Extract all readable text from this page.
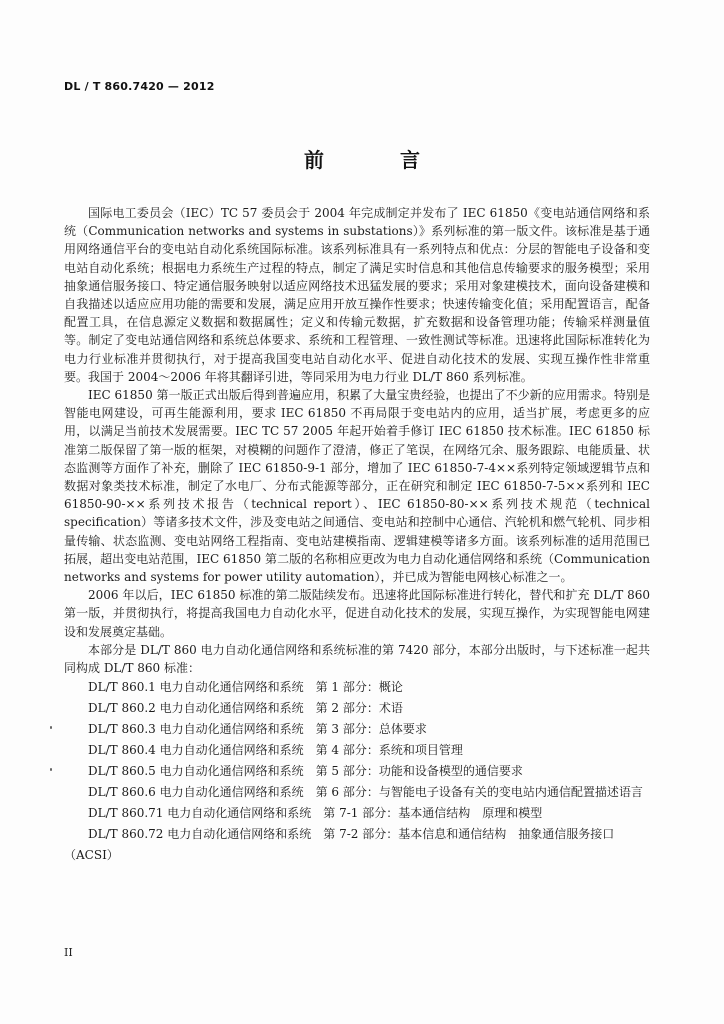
DL / T 860.7420 — 2012
前　言

国际电工委员会（IEC）TC 57 委员会于 2004 年完成制定并发布了 IEC 61850《变电站通信网络和系统（Communication networks and systems in substations）》系列标准的第一版文件。该标准是基于通用网络通信平台的变电站自动化系统国际标准。该系列标准具有一系列特点和优点：分层的智能电子设备和变电站自动化系统；根据电力系统生产过程的特点，制定了满足实时信息和其他信息传输要求的服务模型；采用抽象通信服务接口、特定通信服务映射以适应网络技术迅猛发展的要求；采用对象建模技术，面向设备建模和自我描述以适应应用功能的需要和发展，满足应用开放互操作性要求；快速传输变化值；采用配置语言，配备配置工具，在信息源定义数据和数据属性；定义和传输元数据，扩充数据和设备管理功能；传输采样测量值等。制定了变电站通信网络和系统总体要求、系统和工程管理、一致性测试等标准。迅速将此国际标准转化为电力行业标准并贯彻执行，对于提高我国变电站自动化水平、促进自动化技术的发展、实现互操作性非常重要。我国于 2004～2006 年将其翻译引进，等同采用为电力行业 DL/T 860 系列标准。

IEC 61850 第一版正式出版后得到普遍应用，积累了大量宝贵经验，也提出了不少新的应用需求。特别是智能电网建设，可再生能源利用，要求 IEC 61850 不再局限于变电站内的应用，适当扩展，考虑更多的应用，以满足当前技术发展需要。IEC TC 57 2005 年起开始着手修订 IEC 61850 技术标准。IEC 61850 标准第二版保留了第一版的框架，对模糊的问题作了澄清，修正了笔误，在网络冗余、服务跟踪、电能质量、状态监测等方面作了补充，删除了 IEC 61850-9-1 部分，增加了 IEC 61850-7-4××系列特定领域逻辑节点和数据对象类技术标准，制定了水电厂、分布式能源等部分，正在研究和制定 IEC 61850-7-5××系列和 IEC 61850-90-××系列技术报告（technical report）、IEC 61850-80-××系列技术规范（technical specification）等诸多技术文件，涉及变电站之间通信、变电站和控制中心通信、汽轮机和燃气轮机、同步相量传输、状态监测、变电站网络工程指南、变电站建模指南、逻辑建模等诸多方面。该系列标准的适用范围已拓展，超出变电站范围，IEC 61850 第二版的名称相应更改为电力自动化通信网络和系统（Communication networks and systems for power utility automation），并已成为智能电网核心标准之一。

2006 年以后，IEC 61850 标准的第二版陆续发布。迅速将此国际标准进行转化，替代和扩充 DL/T 860 第一版，并贯彻执行，将提高我国电力自动化水平，促进自动化技术的发展，实现互操作，为实现智能电网建设和发展奠定基础。

本部分是 DL/T 860 电力自动化通信网络和系统标准的第 7420 部分，本部分出版时，与下述标准一起共同构成 DL/T 860 标准：

DL/T 860.1 电力自动化通信网络和系统　第 1 部分：概论

DL/T 860.2 电力自动化通信网络和系统　第 2 部分：术语

DL/T 860.3 电力自动化通信网络和系统　第 3 部分：总体要求

DL/T 860.4 电力自动化通信网络和系统　第 4 部分：系统和项目管理

DL/T 860.5 电力自动化通信网络和系统　第 5 部分：功能和设备模型的通信要求

DL/T 860.6 电力自动化通信网络和系统　第 6 部分：与智能电子设备有关的变电站内通信配置描述语言

DL/T 860.71 电力自动化通信网络和系统　第 7-1 部分：基本通信结构　原理和模型

DL/T 860.72 电力自动化通信网络和系统　第 7-2 部分：基本信息和通信结构　抽象通信服务接口（ACSI）

II
